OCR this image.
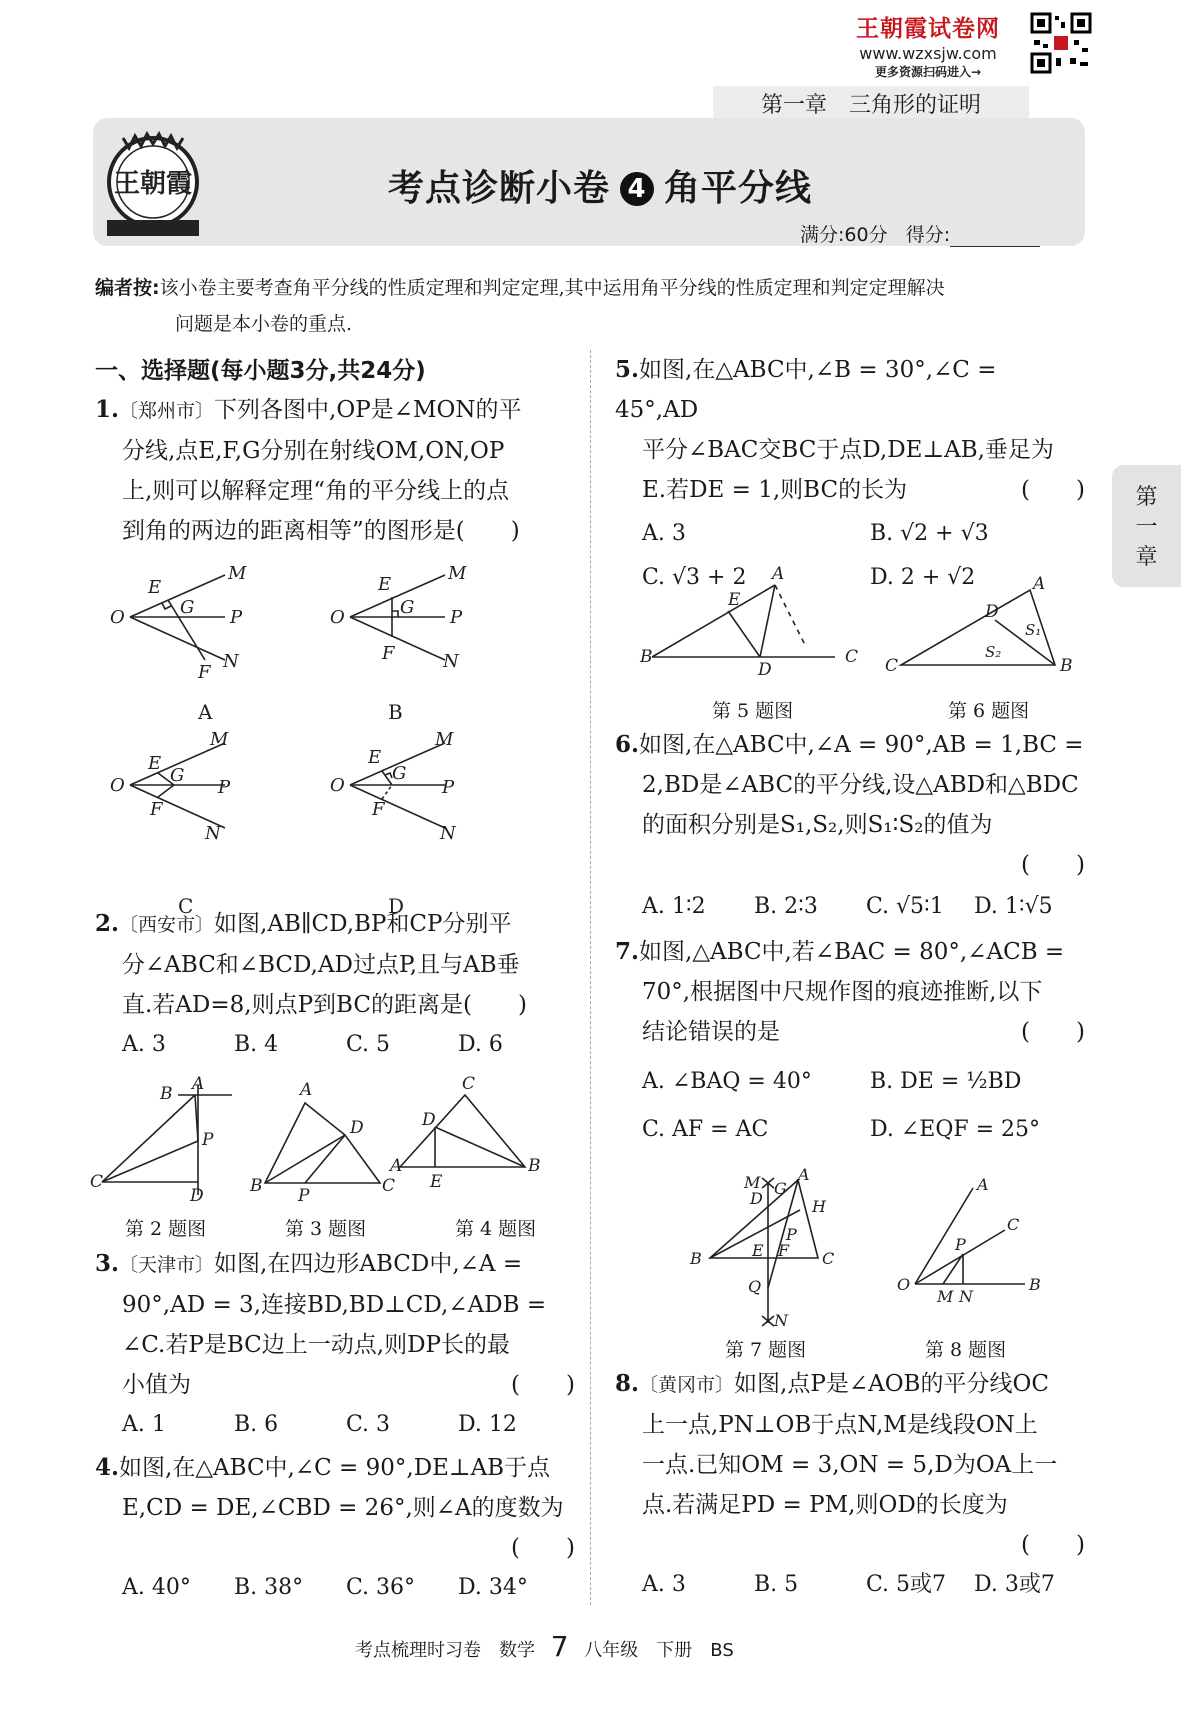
王朝霞试卷网
www.wzxsjw.com
更多资源扫码进入→
第一章　三角形的证明
王朝霞	考点诊断小卷 4 角平分线
满分:60分 得分:
编者按:该小卷主要考查角平分线的性质定理和判定定理,其中运用角平分线的性质定理和判定定理解决
问题是本小卷的重点.
第
一
章
一、选择题(每小题3分,共24分)
1.〔郑州市〕下列各图中,OP是∠MON的平
分线,点E,F,G分别在射线OM,ON,OP
上,则可以解释定理“角的平分线上的点
到角的两边的距离相等”的图形是(　　)
O
M
E
G P
F
N
A
O
M
E
G P
F	N
B
O
M
E
G
P
F
N
C
O
M
E
G
P
F
N
D
2.〔西安市〕如图,AB∥CD,BP和CP分别平
分∠ABC和∠BCD,AD过点P,且与AB垂
直.若AD=8,则点P到BC的距离是(　　)
A. 3	B. 4	C. 5	D. 6
B A
P
C
D
A
D
B P	C
C
D
A
E
B
第 2 题图	第 3 题图	第 4 题图
3.〔天津市〕如图,在四边形ABCD中,∠A =
90°,AD = 3,连接BD,BD⊥CD,∠ADB =
∠C.若P是BC边上一动点,则DP长的最
小值为	(　　)
A. 1	B. 6	C. 3	D. 12
4.如图,在△ABC中,∠C = 90°,DE⊥AB于点
E,CD = DE,∠CBD = 26°,则∠A的度数为
(　　)
A. 40°	B. 38°	C. 36°	D. 34°
5.如图,在△ABC中,∠B = 30°,∠C = 45°,AD
平分∠BAC交BC于点D,DE⊥AB,垂足为
E.若DE = 1,则BC的长为	(　　)
A. 3	B. √2 + √3
C. √3 + 2	D. 2 + √2
A
E
B
D
C
A
D
C	B
S₁
S₂
第 5 题图	第 6 题图
6.如图,在△ABC中,∠A = 90°,AB = 1,BC =
2,BD是∠ABC的平分线,设△ABD和△BDC
的面积分别是S₁,S₂,则S₁∶S₂的值为
(　　)
A. 1∶2	B. 2∶3	C. √5∶1	D. 1∶√5
7.如图,△ABC中,若∠BAC = 80°,∠ACB =
70°,根据图中尺规作图的痕迹推断,以下
结论错误的是	(　　)
A. ∠BAQ = 40°	B. DE = ½BD
C. AF = AC	D. ∠EQF = 25°
M G
A
D	H
P
B	E F C
Q
N
O
A
C
P
M N
B
第 7 题图	第 8 题图
8.〔黄冈市〕如图,点P是∠AOB的平分线OC
上一点,PN⊥OB于点N,M是线段ON上
一点.已知OM = 3,ON = 5,D为OA上一
点.若满足PD = PM,则OD的长度为
(　　)
A. 3	B. 5	C. 5或7	D. 3或7
考点梳理时习卷　数学 7 八年级　下册　BS
